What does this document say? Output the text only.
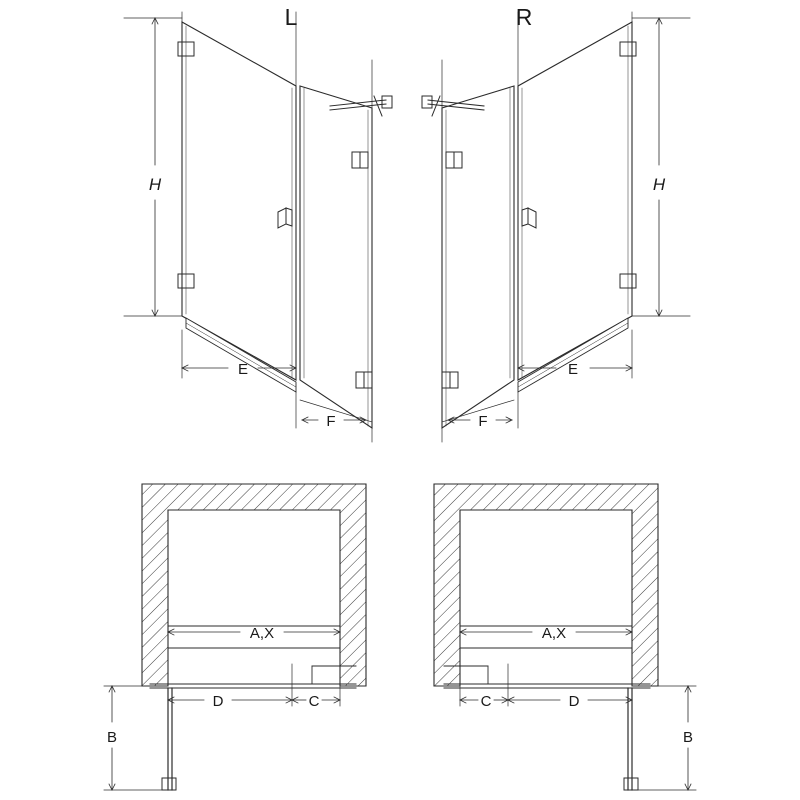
L	R
H	H
E	E
F	F
A,X	A,X
D	C	C	D
B	B
